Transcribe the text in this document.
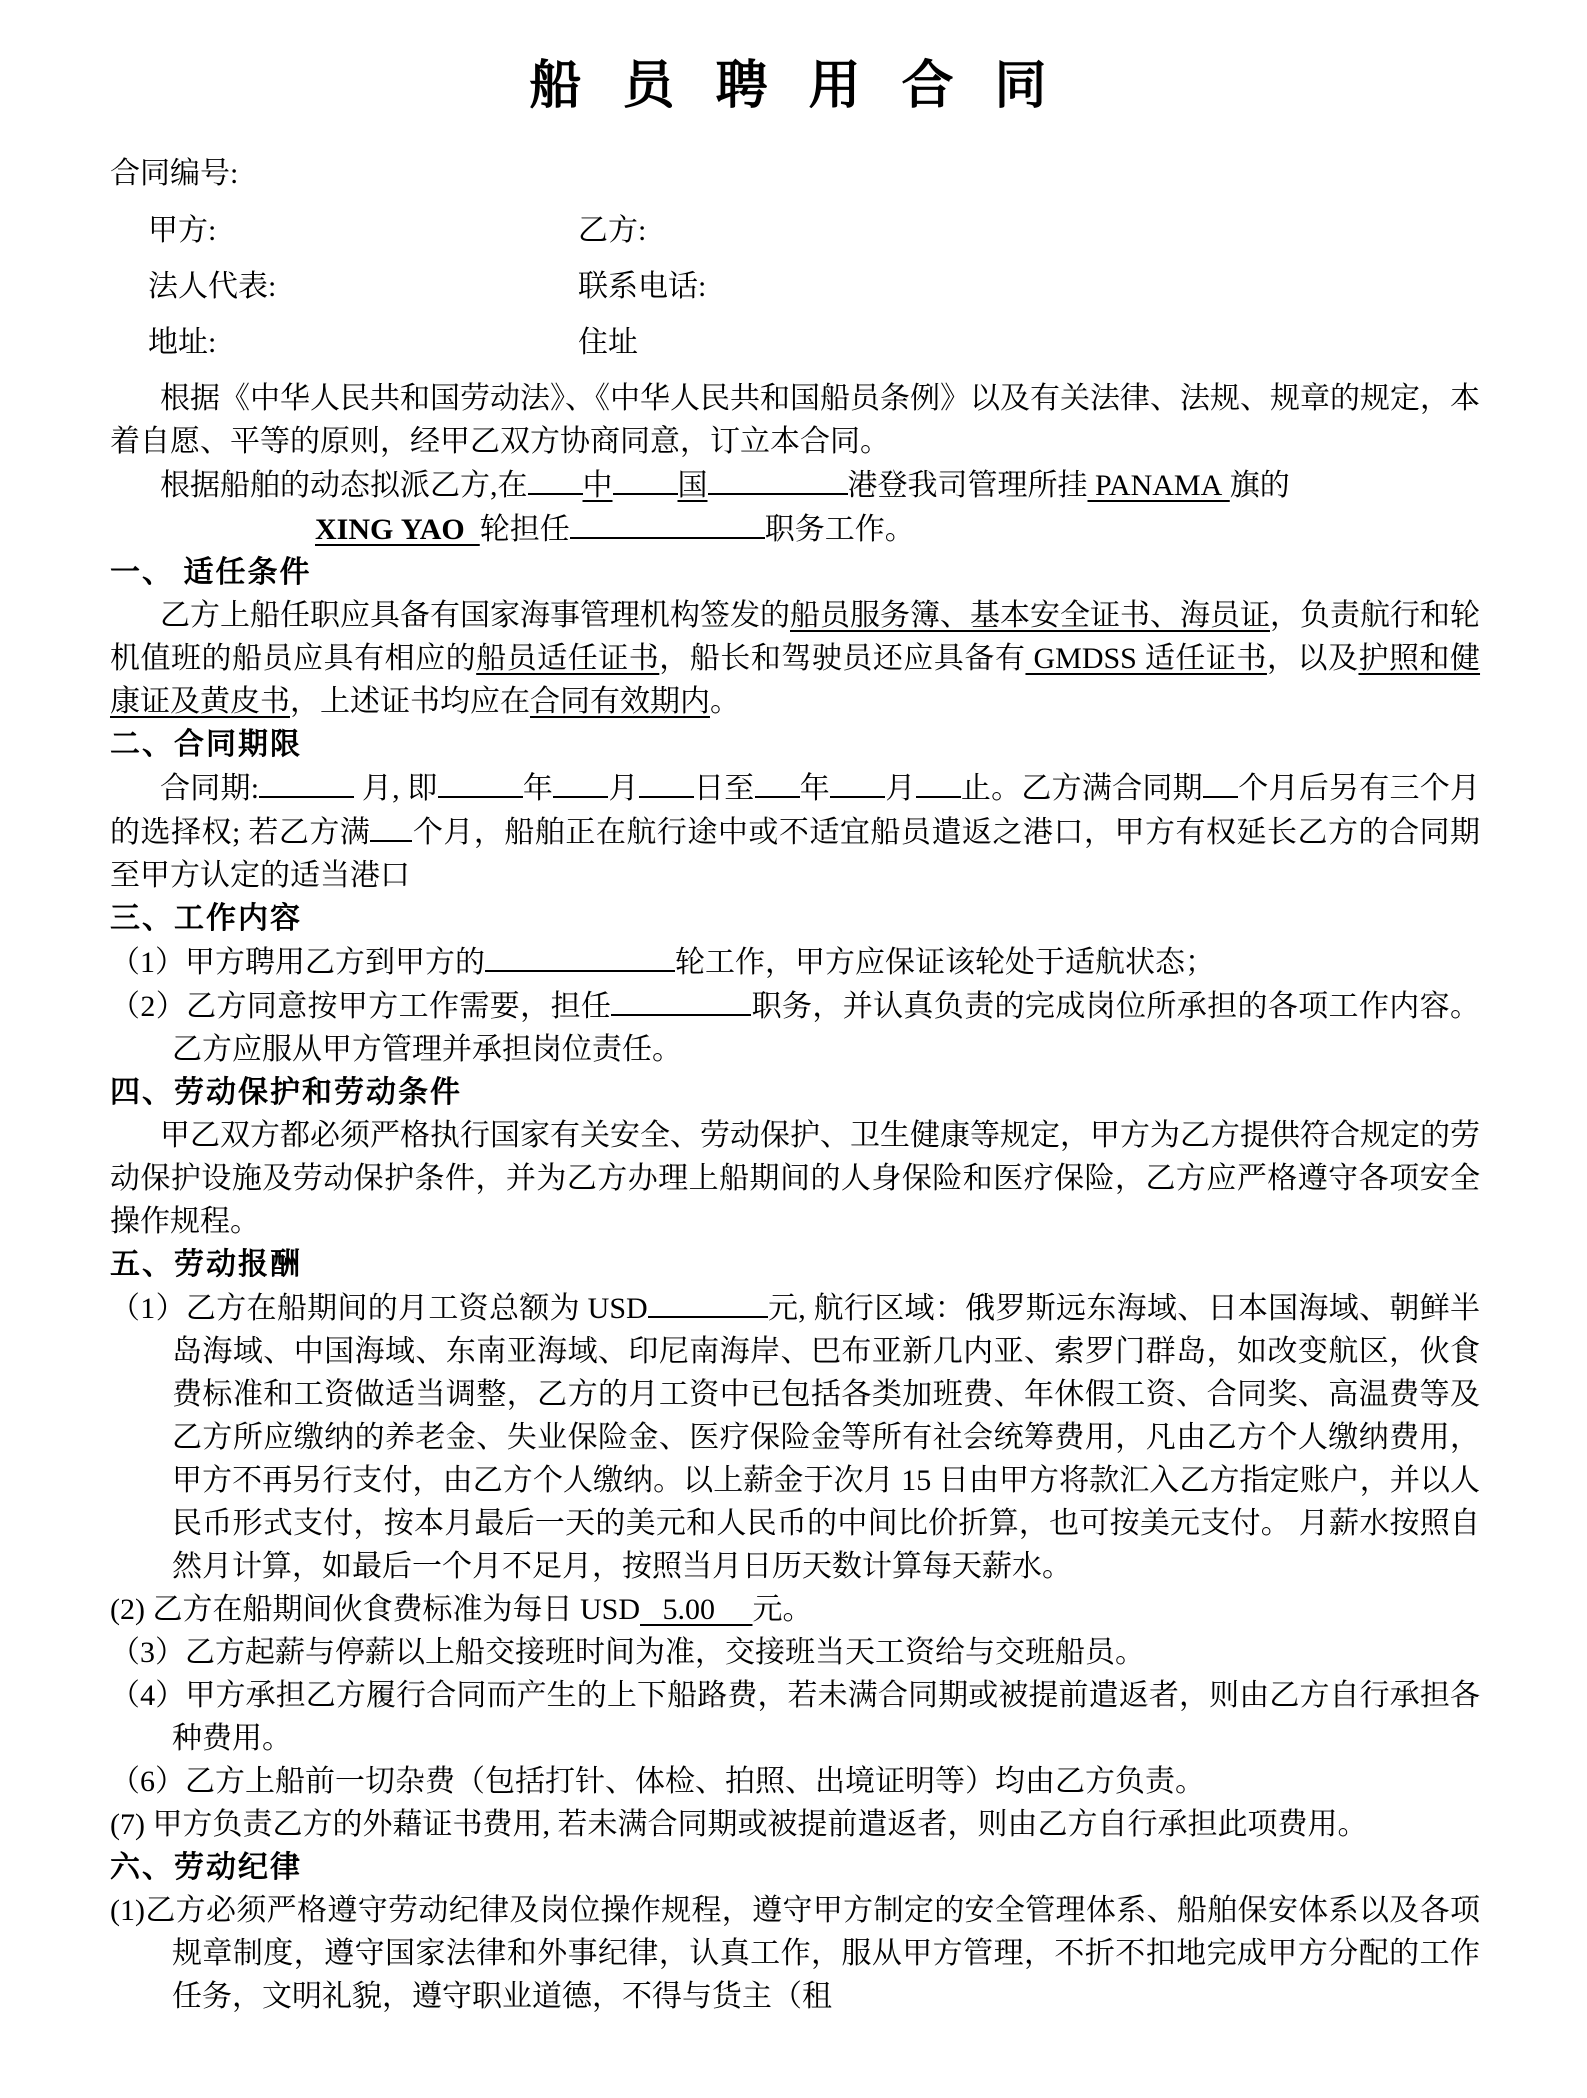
船 员 聘 用 合 同
合同编号:
甲方:	乙方:
法人代表:	联系电话:
地址:	住址
根据《中华人民共和国劳动法》、《中华人民共和国船员条例》以及有关法律、法规、规章的规定，本着自愿、平等的原则，经甲乙双方协商同意，订立本合同。
根据船舶的动态拟派乙方,在 中 国	港登我司管理所挂 PANAMA 旗的
XING YAO  轮担任	职务工作。
一、 适任条件
乙方上船任职应具备有国家海事管理机构签发的船员服务簿、基本安全证书、海员证，负责航行和轮机值班的船员应具有相应的船员适任证书，船长和驾驶员还应具备有 GMDSS 适任证书，以及护照和健康证及黄皮书，上述证书均应在合同有效期内。
二、合同期限
合同期:	月, 即	年 月 日至 年 月 止。乙方满合同期 个月后另有三个月的选择权; 若乙方满 个月，船舶正在航行途中或不适宜船员遣返之港口，甲方有权延长乙方的合同期至甲方认定的适当港口
三、工作内容
（1）甲方聘用乙方到甲方的	轮工作，甲方应保证该轮处于适航状态；
（2）乙方同意按甲方工作需要，担任	职务，并认真负责的完成岗位所承担的各项工作内容。乙方应服从甲方管理并承担岗位责任。
四、劳动保护和劳动条件
甲乙双方都必须严格执行国家有关安全、劳动保护、卫生健康等规定，甲方为乙方提供符合规定的劳动保护设施及劳动保护条件，并为乙方办理上船期间的人身保险和医疗保险，乙方应严格遵守各项安全操作规程。
五、劳动报酬
（1）乙方在船期间的月工资总额为 USD	元, 航行区域：俄罗斯远东海域、日本国海域、朝鲜半岛海域、中国海域、东南亚海域、印尼南海岸、巴布亚新几内亚、索罗门群岛，如改变航区，伙食费标准和工资做适当调整，乙方的月工资中已包括各类加班费、年休假工资、合同奖、高温费等及乙方所应缴纳的养老金、失业保险金、医疗保险金等所有社会统筹费用，凡由乙方个人缴纳费用，甲方不再另行支付，由乙方个人缴纳。以上薪金于次月 15 日由甲方将款汇入乙方指定账户，并以人民币形式支付，按本月最后一天的美元和人民币的中间比价折算，也可按美元支付。 月薪水按照自然月计算，如最后一个月不足月，按照当月日历天数计算每天薪水。
(2) 乙方在船期间伙食费标准为每日 USD   5.00     元。
（3）乙方起薪与停薪以上船交接班时间为准，交接班当天工资给与交班船员。
（4）甲方承担乙方履行合同而产生的上下船路费，若未满合同期或被提前遣返者，则由乙方自行承担各种费用。
（6）乙方上船前一切杂费（包括打针、体检、拍照、出境证明等）均由乙方负责。
(7) 甲方负责乙方的外藉证书费用, 若未满合同期或被提前遣返者，则由乙方自行承担此项费用。
六、劳动纪律
(1)乙方必须严格遵守劳动纪律及岗位操作规程，遵守甲方制定的安全管理体系、船舶保安体系以及各项规章制度，遵守国家法律和外事纪律，认真工作，服从甲方管理，不折不扣地完成甲方分配的工作任务，文明礼貌，遵守职业道德，不得与货主（租
